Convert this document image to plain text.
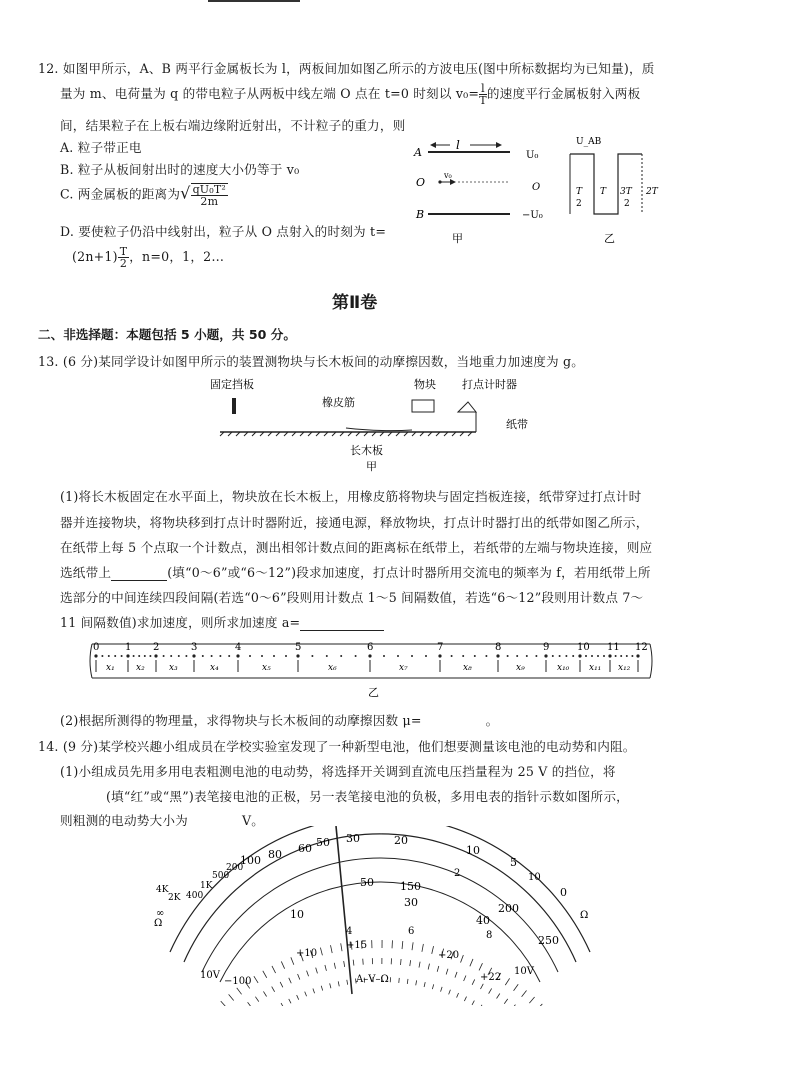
12. 如图甲所示，A、B 两平行金属板长为 l，两板间加如图乙所示的方波电压(图中所标数据均为已知量)，质
量为 m、电荷量为 q 的带电粒子从两板中线左端 O 点在 t=0 时刻以 $v_0= \frac{l}{T}$ 的速度平行金属板射入两板
间，结果粒子在上板右端边缘附近射出，不计粒子的重力，则
A. 粒子带正电
B. 粒子从板间射出时的速度大小仍等于 v₀
C. 两金属板的距离为√ $\frac{\text{qU₀T²}}{2m}$
D. 要使粒子仍沿中线射出，粒子从 O 点射入的时刻为 t=
$(2n+1) \frac{T}{2}$ ，n=0，1，2…
A
B
O
l
v₀
甲
U₀
U_AB
O
−U₀
T
2
T 3T
2
2T
乙
第Ⅱ卷
二、非选择题：本题包括 5 小题，共 50 分。
13. (6 分)某同学设计如图甲所示的装置测物块与长木板间的动摩擦因数，当地重力加速度为 g。
固定挡板
橡皮筋
物块 打点计时器
纸带
长木板
甲
(1)将长木板固定在水平面上，物块放在长木板上，用橡皮筋将物块与固定挡板连接，纸带穿过打点计时
器并连接物块，将物块移到打点计时器附近，接通电源，释放物块，打点计时器打出的纸带如图乙所示，
在纸带上每 5 个点取一个计数点，测出相邻计数点间的距离标在纸带上，若纸带的左端与物块连接，则应
选纸带上	(填“0～6”或“6～12”)段求加速度，打点计时器所用交流电的频率为 f，若用纸带上所
选部分的中间连续四段间隔(若选“0～6”段则用计数点 1～5 间隔数值，若选“6～12”段则用计数点 7～
11 间隔数值)求加速度，则所求加速度 a=
0	1 2	3	4	5	6	7	8	9	10 11 12
x₁ x₂	x₃	x₄	x₅	x₆	x₇	x₈	x₉	x₁₀ x₁₁ x₁₂
乙
(2)根据所测得的物理量，求得物块与长木板间的动摩擦因数 μ=	。
14. (9 分)某学校兴趣小组成员在学校实验室发现了一种新型电池，他们想要测量该电池的电动势和内阻。
(1)小组成员先用多用电表粗测电池的电动势，将选择开关调到直流电压挡量程为 25 V 的挡位，将
(填“红”或“黑”)表笔接电池的正极，另一表笔接电池的负极，多用电表的指针示数如图所示，
则粗测的电动势大小为	V。
100 80 60 50 30	20
10
5
0
1K
500
400
200
4K
2K
∞
50 150
200
250
10
30
40
−100
+10
+15
+20
+22
Ω
Ω
10V	10V
A–V–Ω
2
4	6	8
10
